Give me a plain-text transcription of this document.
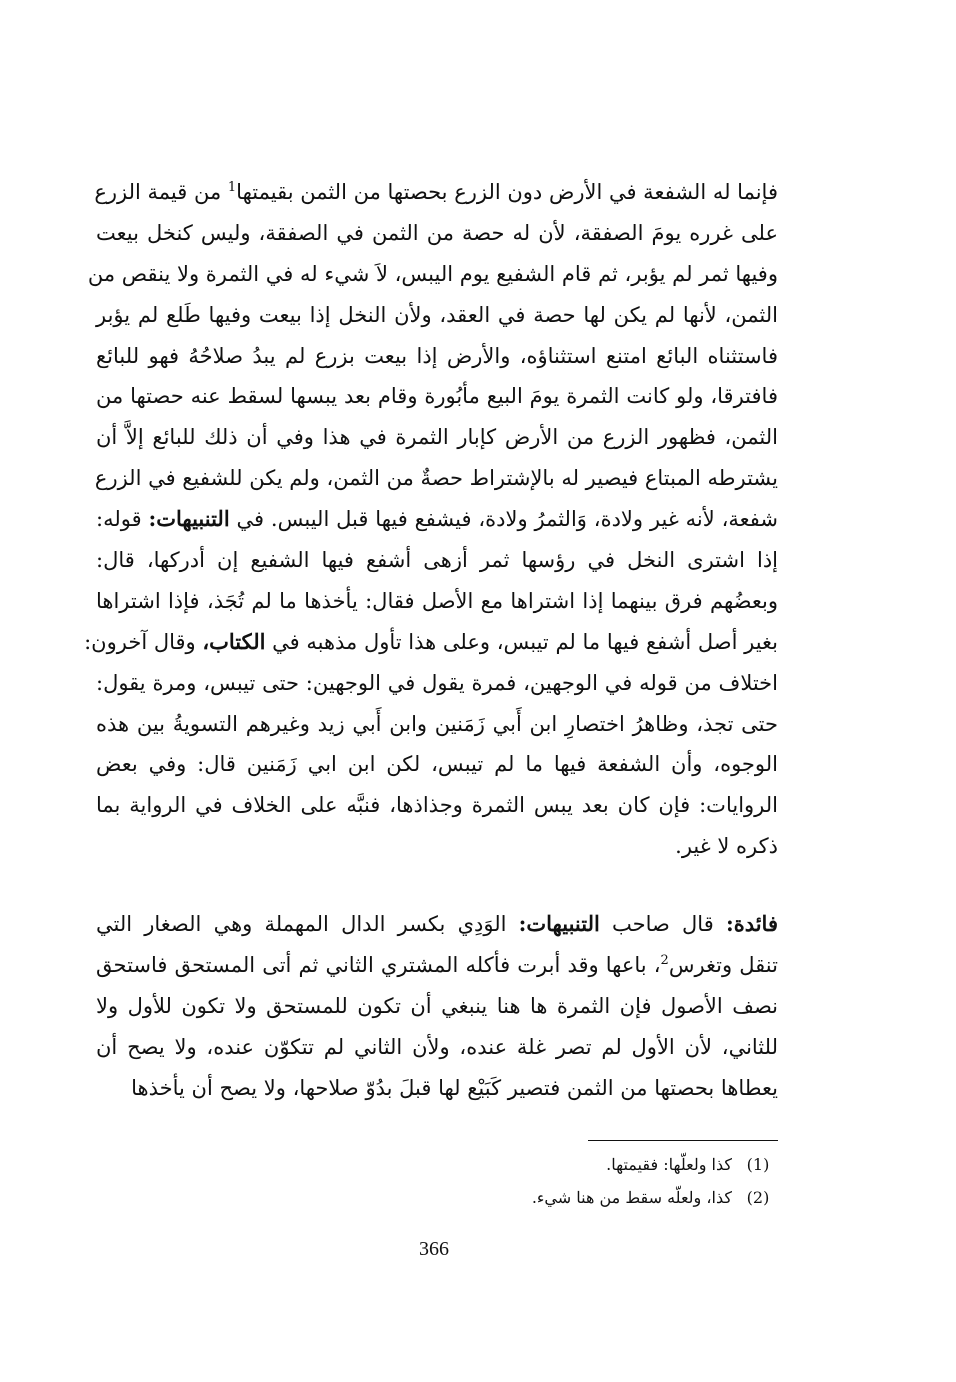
فإنما له الشفعة في الأرض دون الزرع بحصتها من الثمن بقيمتها$^1$ من قيمة الزرع
على غرره يومَ الصفقة، لأن له حصة من الثمن في الصفقة، وليس كنخل بيعت
وفيها ثمر لم يؤبر، ثم قام الشفيع يوم اليبس، لاَ شيء له في الثمرة ولا ينقص من
الثمن، لأنها لم يكن لها حصة في العقد، ولأن النخل إذا بيعت وفيها طَلع لم يؤبر
فاستثناه البائع امتنع استثناؤه، والأرض إذا بيعت بزرع لم يبدُ صلاحُهُ فهو للبائع
فافترقا، ولو كانت الثمرة يومَ البيع مأبُورة وقام بعد يبسها لسقط عنه حصتها من
الثمن، فظهور الزرع من الأرض كإبار الثمرة في هذا وفي أن ذلك للبائع إلاَّ أن
يشترطه المبتاع فيصير له بالإشتراط حصةٌ من الثمن، ولم يكن للشفيع في الزرع
شفعة، لأنه غير ولادة، وَالثمرُ ولادة، فيشفع فيها قبل اليبس. في التنبيهات: قوله:
إذا اشترى النخل في رؤسها ثمر أزهى أشفع فيها الشفيع إن أدركها، قال:
وبعضُهم فرق بينهما إذا اشتراها مع الأصل فقال: يأخذها ما لم تُجَذ، فإذا اشتراها
بغير أصل أشفع فيها ما لم تيبس، وعلى هذا تأول مذهبه في الكتاب، وقال آخرون:
اختلاف من قوله في الوجهين، فمرة يقول في الوجهين: حتى تيبس، ومرة يقول:
حتى تجذ، وظاهرُ اختصارِ ابن أَبي زَمَنين وابن أَبي زيد وغيرهم التسويةُ بين هذه
الوجوه، وأن الشفعة فيها ما لم تيبس، لكن ابن ابي زَمَنين قال: وفي بعض
الروايات: فإن كان بعد يبس الثمرة وجذاذها، فنبَّه على الخلاف في الرواية بما
ذكره لا غير.
فائدة: قال صاحب التنبيهات: الوَدِي بكسر الدال المهملة وهي الصغار التي
تنقل وتغرس$^2$، باعها وقد أبرت فأكله المشتري الثاني ثم أتى المستحق فاستحق
نصف الأصول فإن الثمرة ها هنا ينبغي أن تكون للمستحق ولا تكون للأول ولا
للثاني، لأن الأول لم تصر غلة عنده، ولأن الثاني لم تتكوّن عنده، ولا يصح أن
يعطاها بحصتها من الثمن فتصير كَبَيْع لها قبلَ بدُوّ صلاحها، ولا يصح أن يأخذها
(1)
كذا ولعلّها: فقيمتها.
(2)
كذا، ولعلّه سقط من هنا شيء.
366
